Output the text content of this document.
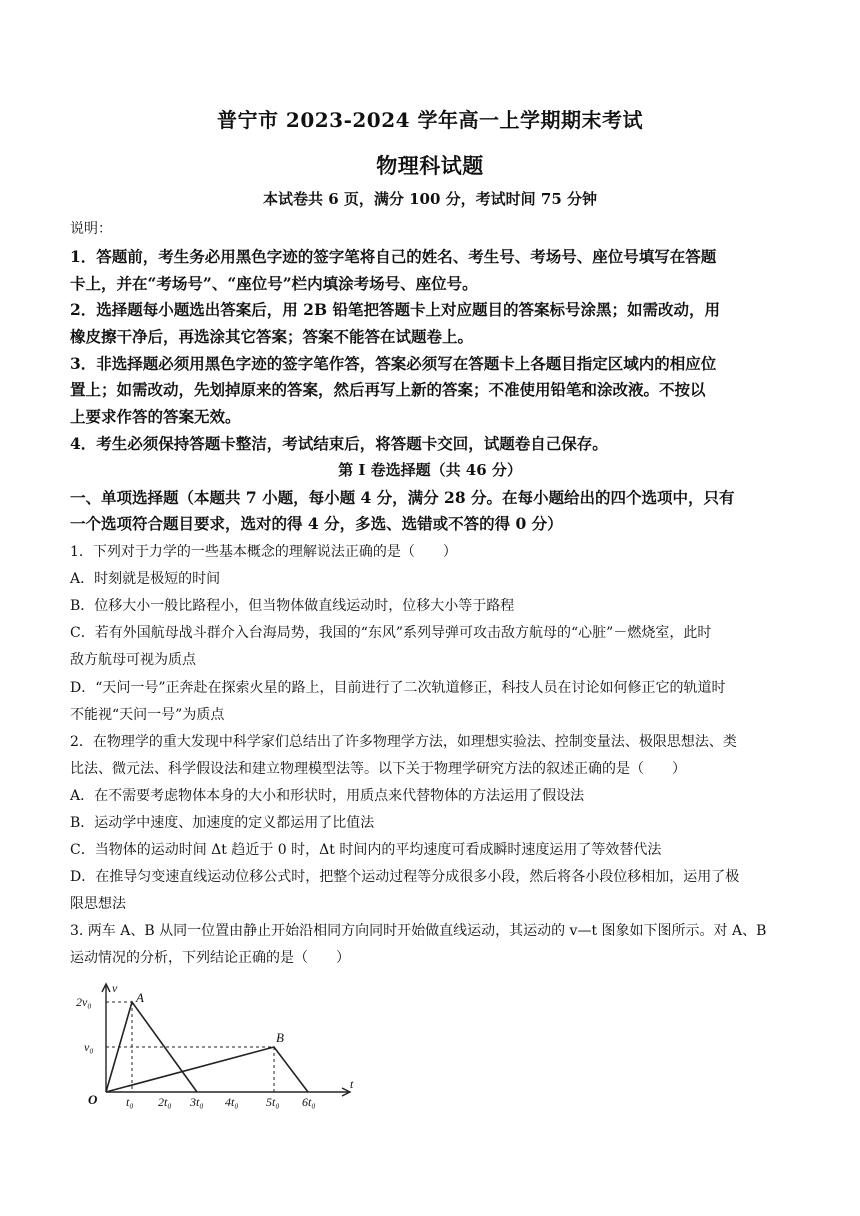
普宁市 2023-2024 学年高一上学期期末考试
物理科试题
本试卷共 6 页，满分 100 分，考试时间 75 分钟
说明：
1．答题前，考生务必用黑色字迹的签字笔将自己的姓名、考生号、考场号、座位号填写在答题
卡上，并在“考场号”、“座位号”栏内填涂考场号、座位号。
2．选择题每小题选出答案后，用 2B 铅笔把答题卡上对应题目的答案标号涂黑；如需改动，用
橡皮擦干净后，再选涂其它答案；答案不能答在试题卷上。
3．非选择题必须用黑色字迹的签字笔作答，答案必须写在答题卡上各题目指定区域内的相应位
置上；如需改动，先划掉原来的答案，然后再写上新的答案；不准使用铅笔和涂改液。不按以
上要求作答的答案无效。
4．考生必须保持答题卡整洁，考试结束后，将答题卡交回，试题卷自己保存。
第 I 卷选择题（共 46 分）
一、单项选择题（本题共 7 小题，每小题 4 分，满分 28 分。在每小题给出的四个选项中，只有
一个选项符合题目要求，选对的得 4 分，多选、选错或不答的得 0 分）
1．下列对于力学的一些基本概念的理解说法正确的是（　　）
A．时刻就是极短的时间
B．位移大小一般比路程小，但当物体做直线运动时，位移大小等于路程
C．若有外国航母战斗群介入台海局势，我国的“东风”系列导弹可攻击敌方航母的“心脏”－燃烧室，此时
敌方航母可视为质点
D．“天问一号”正奔赴在探索火星的路上，目前进行了二次轨道修正，科技人员在讨论如何修正它的轨道时
不能视“天问一号”为质点
2．在物理学的重大发现中科学家们总结出了许多物理学方法，如理想实验法、控制变量法、极限思想法、类
比法、微元法、科学假设法和建立物理模型法等。以下关于物理学研究方法的叙述正确的是（　　）
A．在不需要考虑物体本身的大小和形状时，用质点来代替物体的方法运用了假设法
B．运动学中速度、加速度的定义都运用了比值法
C．当物体的运动时间 Δt 趋近于 0 时，Δt 时间内的平均速度可看成瞬时速度运用了等效替代法
D．在推导匀变速直线运动位移公式时，把整个运动过程等分成很多小段，然后将各小段位移相加，运用了极
限思想法
3. 两车 A、B 从同一位置由静止开始沿相同方向同时开始做直线运动，其运动的 v—t 图象如下图所示。对 A、B
运动情况的分析，下列结论正确的是（　　）
v
t
O
2v₀
v₀
t₀ 2t₀ 3t₀ 4t₀ 5t₀ 6t₀
A
B
